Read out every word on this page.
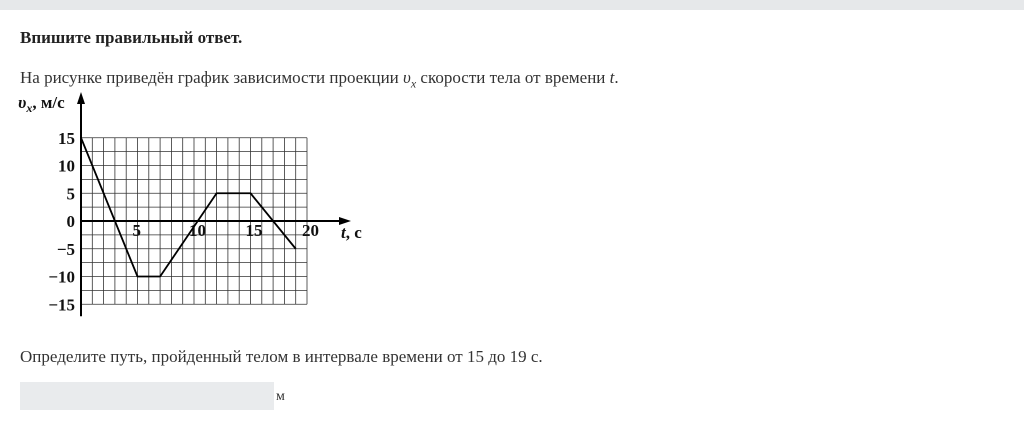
Впишите правильный ответ.
На рисунке приведён график зависимости проекции $\upsilon_x$ скорости тела от времени t.
15
10
5
0
−5
−10
−15
5	10 15 20
$\upsilon_x$, м/с
t, с
Определите путь, пройденный телом в интервале времени от 15 до 19 с.
м
